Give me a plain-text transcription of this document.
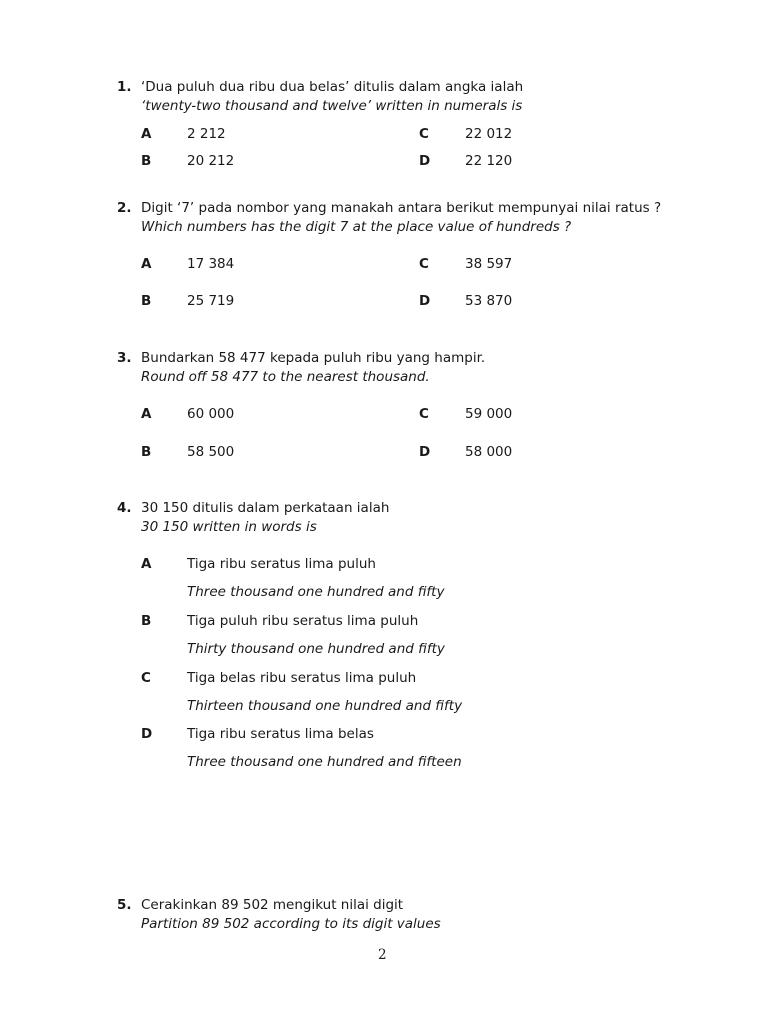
1. ‘Dua puluh dua ribu dua belas’ ditulis dalam angka ialah
‘twenty-two thousand and twelve’ written in numerals is
A	2 212
B	20 212
C	22 012
D	22 120
2. Digit ‘7’ pada nombor yang manakah antara berikut mempunyai nilai ratus ?
Which numbers has the digit 7 at the place value of hundreds ?
A	17 384
B	25 719
C	38 597
D	53 870
3. Bundarkan 58 477 kepada puluh ribu yang hampir.
Round off 58 477 to the nearest thousand.
A	60 000
B	58 500
C	59 000
D	58 000
4. 30 150 ditulis dalam perkataan ialah
30 150 written in words is
A	Tiga ribu seratus lima puluh
Three thousand one hundred and fifty
B	Tiga puluh ribu seratus lima puluh
Thirty thousand one hundred and fifty
C	Tiga belas ribu seratus lima puluh
Thirteen thousand one hundred and fifty
D	Tiga ribu seratus lima belas
Three thousand one hundred and fifteen
5. Cerakinkan 89 502 mengikut nilai digit
Partition 89 502 according to its digit values
2
